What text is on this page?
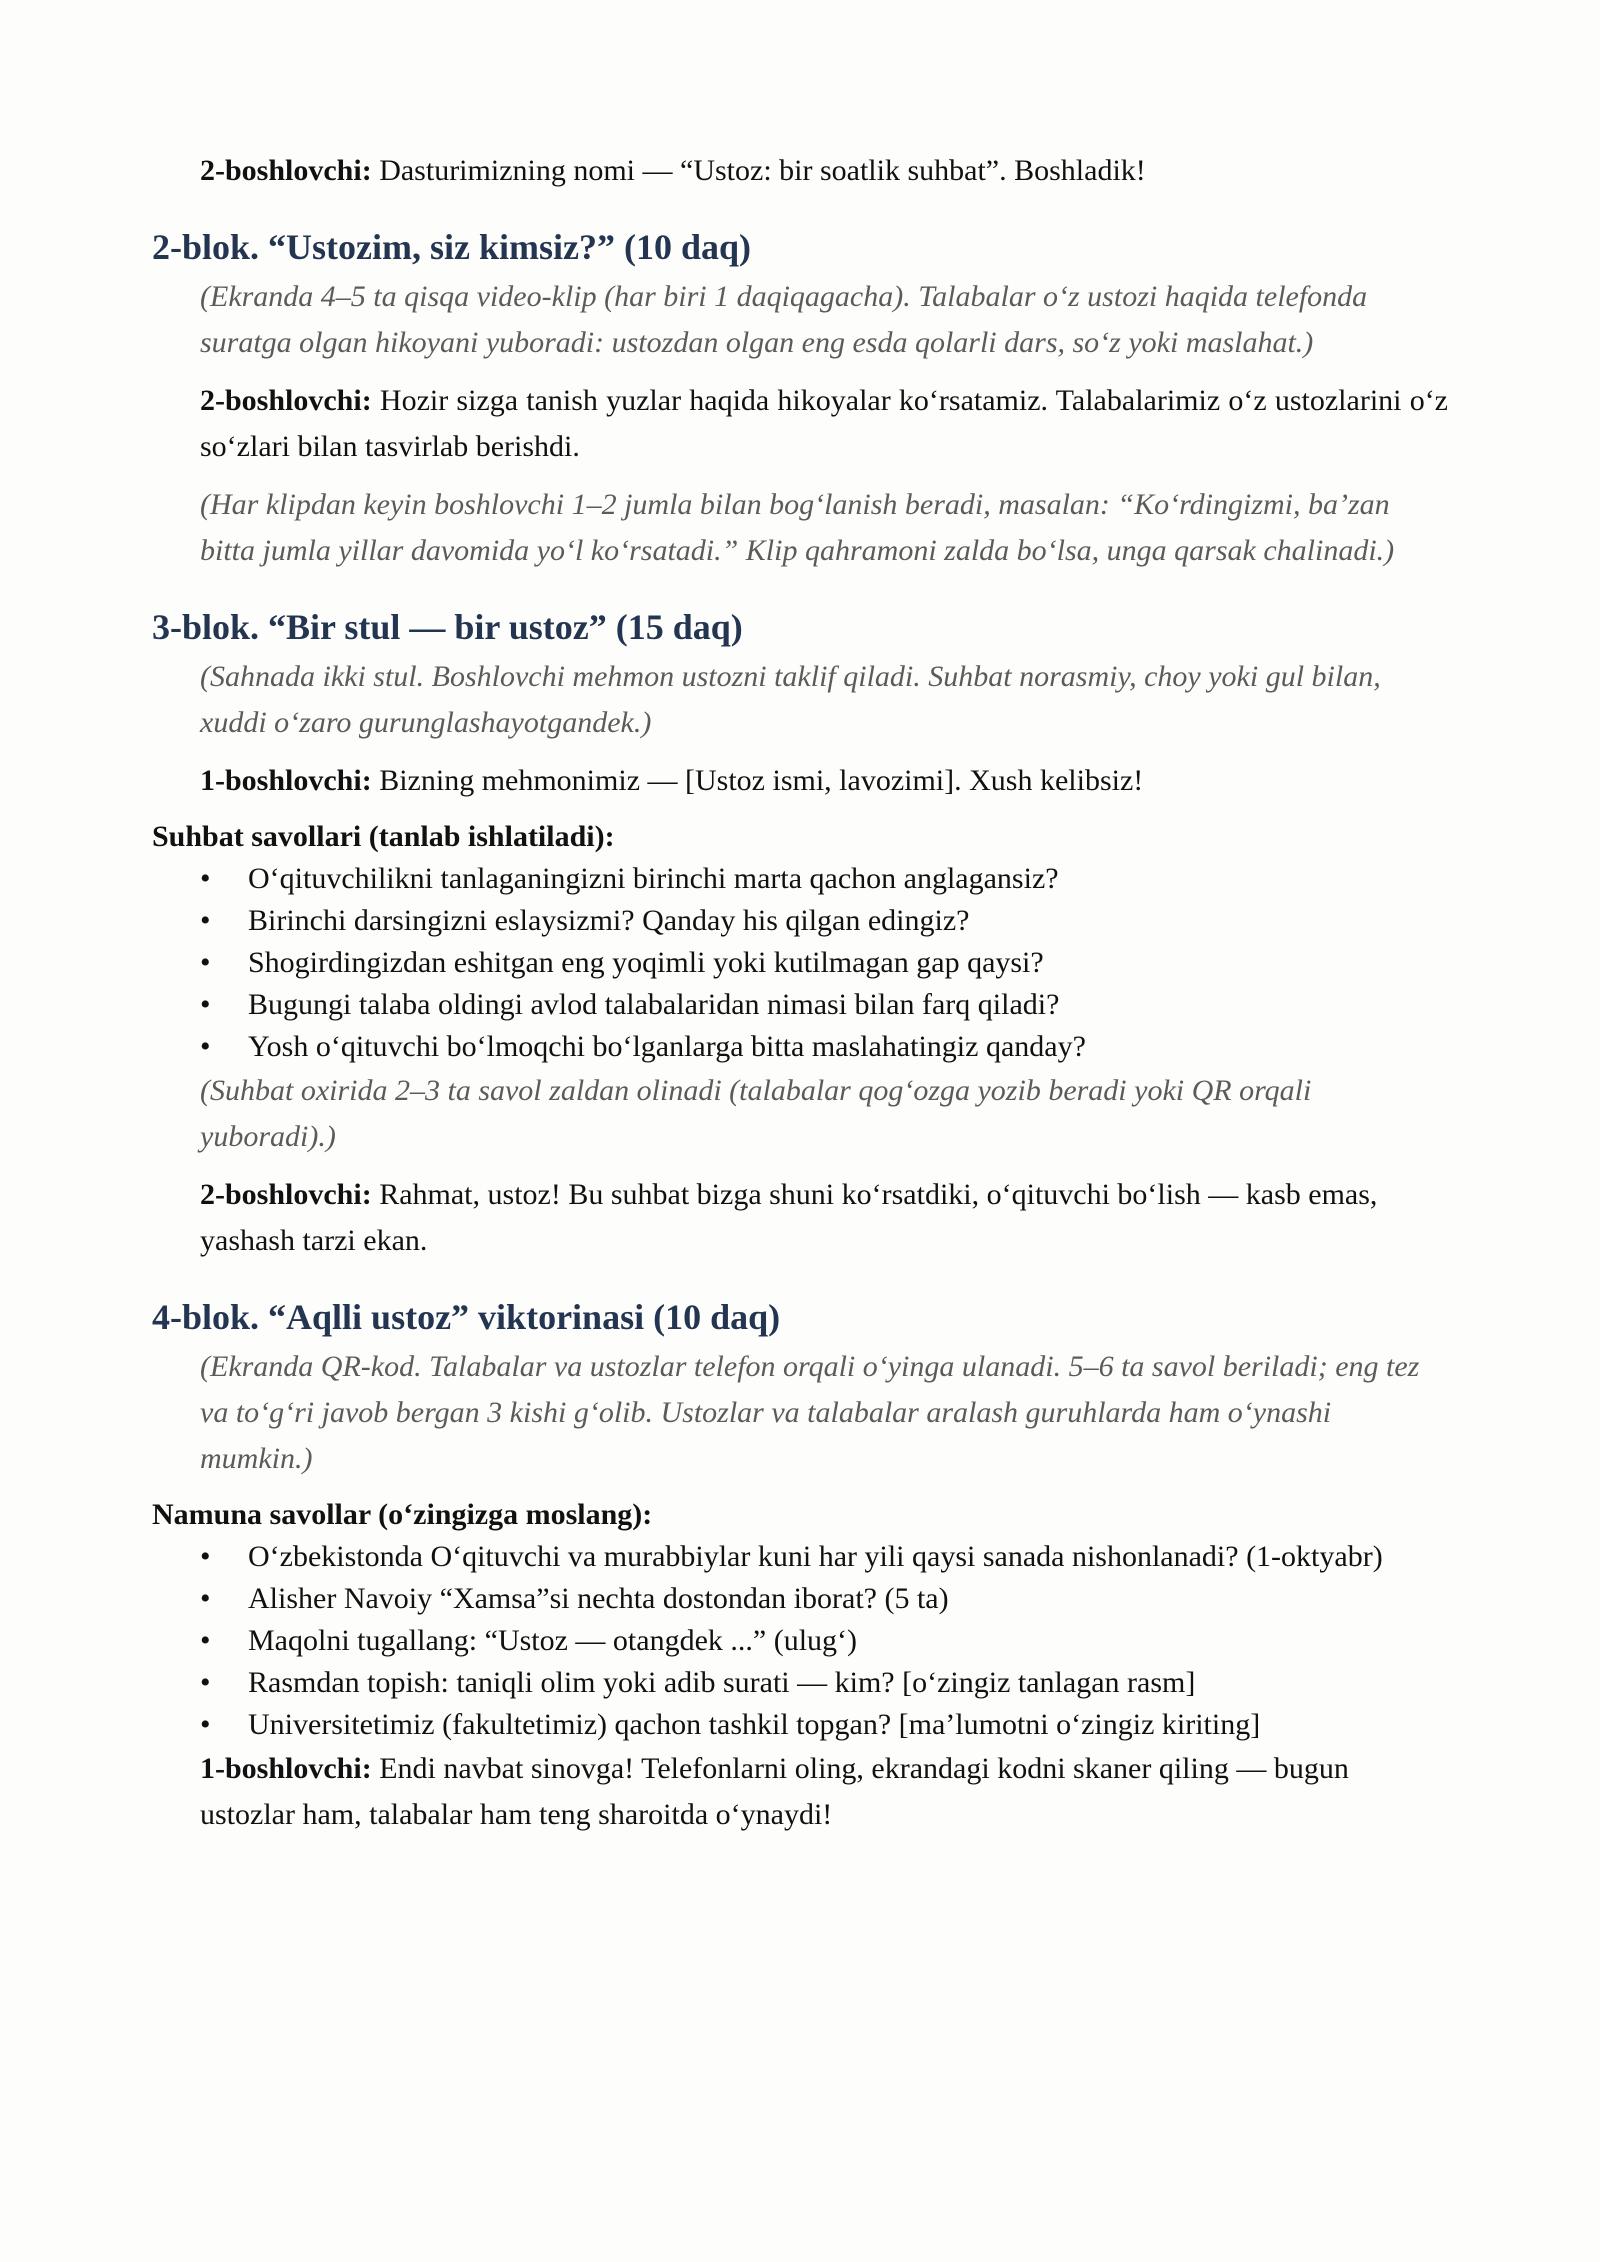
2-boshlovchi: Dasturimizning nomi — “Ustoz: bir soatlik suhbat”. Boshladik!

2-blok. “Ustozim, siz kimsiz?” (10 daq)

(Ekranda 4–5 ta qisqa video-klip (har biri 1 daqiqagacha). Talabalar o‘z ustozi haqida telefonda suratga olgan hikoyani yuboradi: ustozdan olgan eng esda qolarli dars, so‘z yoki maslahat.)

2-boshlovchi: Hozir sizga tanish yuzlar haqida hikoyalar ko‘rsatamiz. Talabalarimiz o‘z ustozlarini o‘z so‘zlari bilan tasvirlab berishdi.

(Har klipdan keyin boshlovchi 1–2 jumla bilan bog‘lanish beradi, masalan: “Ko‘rdingizmi, ba’zan bitta jumla yillar davomida yo‘l ko‘rsatadi.” Klip qahramoni zalda bo‘lsa, unga qarsak chalinadi.)

3-blok. “Bir stul — bir ustoz” (15 daq)

(Sahnada ikki stul. Boshlovchi mehmon ustozni taklif qiladi. Suhbat norasmiy, choy yoki gul bilan, xuddi o‘zaro gurunglashayotgandek.)

1-boshlovchi: Bizning mehmonimiz — [Ustoz ismi, lavozimi]. Xush kelibsiz!

Suhbat savollari (tanlab ishlatiladi):

• O‘qituvchilikni tanlaganingizni birinchi marta qachon anglagansiz?
• Birinchi darsingizni eslaysizmi? Qanday his qilgan edingiz?
• Shogirdingizdan eshitgan eng yoqimli yoki kutilmagan gap qaysi?
• Bugungi talaba oldingi avlod talabalaridan nimasi bilan farq qiladi?
• Yosh o‘qituvchi bo‘lmoqchi bo‘lganlarga bitta maslahatingiz qanday?

(Suhbat oxirida 2–3 ta savol zaldan olinadi (talabalar qog‘ozga yozib beradi yoki QR orqali yuboradi).)

2-boshlovchi: Rahmat, ustoz! Bu suhbat bizga shuni ko‘rsatdiki, o‘qituvchi bo‘lish — kasb emas, yashash tarzi ekan.

4-blok. “Aqlli ustoz” viktorinasi (10 daq)

(Ekranda QR-kod. Talabalar va ustozlar telefon orqali o‘yinga ulanadi. 5–6 ta savol beriladi; eng tez va to‘g‘ri javob bergan 3 kishi g‘olib. Ustozlar va talabalar aralash guruhlarda ham o‘ynashi mumkin.)

Namuna savollar (o‘zingizga moslang):

• O‘zbekistonda O‘qituvchi va murabbiylar kuni har yili qaysi sanada nishonlanadi? (1-oktyabr)
• Alisher Navoiy “Xamsa”si nechta dostondan iborat? (5 ta)
• Maqolni tugallang: “Ustoz — otangdek ...” (ulug‘)
• Rasmdan topish: taniqli olim yoki adib surati — kim? [o‘zingiz tanlagan rasm]
• Universitetimiz (fakultetimiz) qachon tashkil topgan? [ma’lumotni o‘zingiz kiriting]

1-boshlovchi: Endi navbat sinovga! Telefonlarni oling, ekrandagi kodni skaner qiling — bugun ustozlar ham, talabalar ham teng sharoitda o‘ynaydi!
